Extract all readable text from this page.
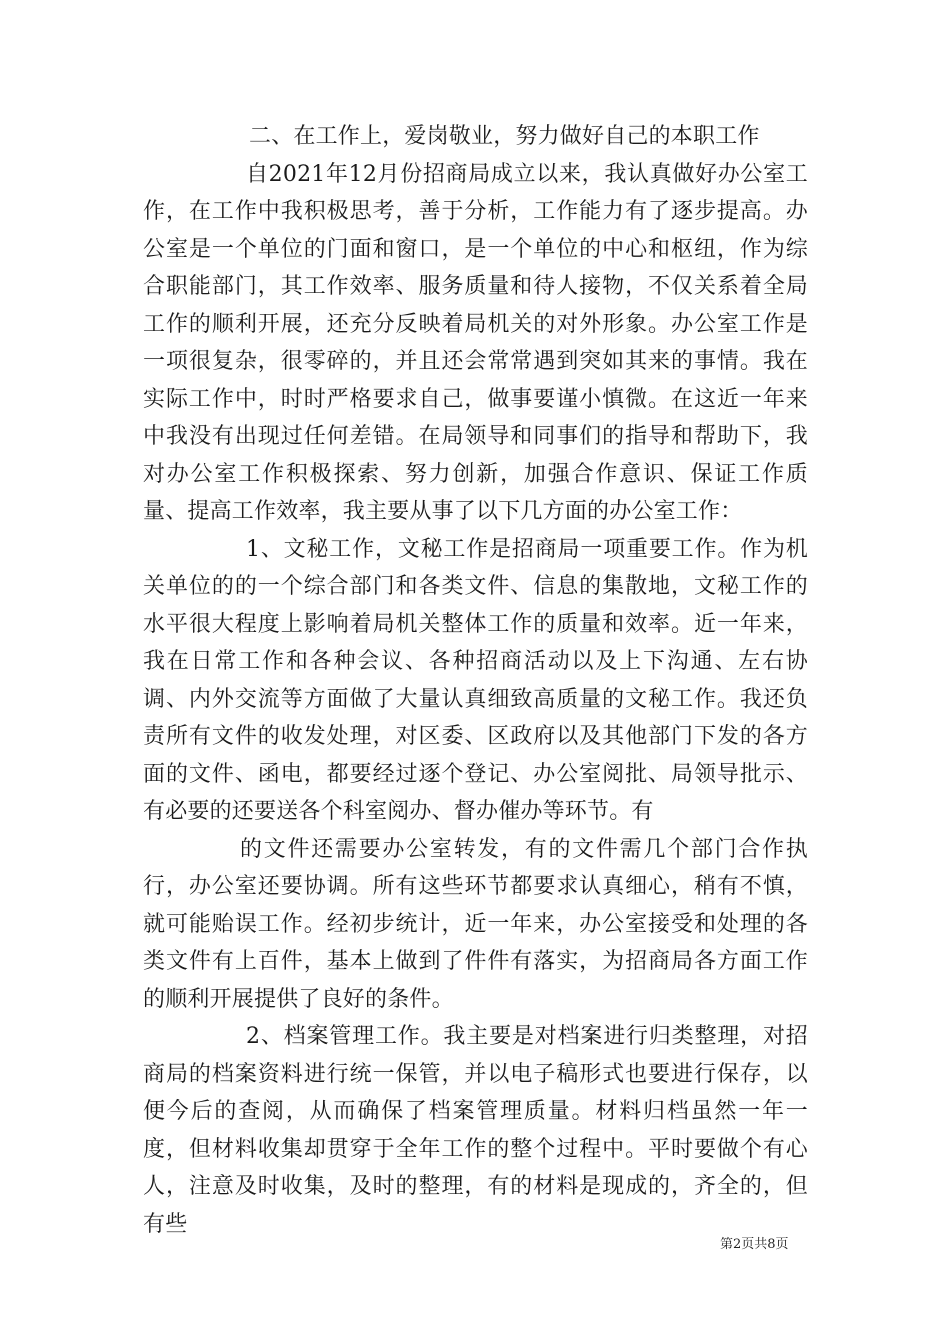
二、在工作上，爱岗敬业，努力做好自己的本职工作

自2021年12月份招商局成立以来，我认真做好办公室工作，在工作中我积极思考，善于分析，工作能力有了逐步提高。办公室是一个单位的门面和窗口，是一个单位的中心和枢纽，作为综合职能部门，其工作效率、服务质量和待人接物，不仅关系着全局工作的顺利开展，还充分反映着局机关的对外形象。办公室工作是一项很复杂，很零碎的，并且还会常常遇到突如其来的事情。我在实际工作中，时时严格要求自己，做事要谨小慎微。在这近一年来中我没有出现过任何差错。在局领导和同事们的指导和帮助下，我对办公室工作积极探索、努力创新，加强合作意识、保证工作质量、提高工作效率，我主要从事了以下几方面的办公室工作：

1、文秘工作，文秘工作是招商局一项重要工作。作为机关单位的的一个综合部门和各类文件、信息的集散地，文秘工作的水平很大程度上影响着局机关整体工作的质量和效率。近一年来，我在日常工作和各种会议、各种招商活动以及上下沟通、左右协调、内外交流等方面做了大量认真细致高质量的文秘工作。我还负责所有文件的收发处理，对区委、区政府以及其他部门下发的各方面的文件、函电，都要经过逐个登记、办公室阅批、局领导批示、有必要的还要送各个科室阅办、督办催办等环节。有

的文件还需要办公室转发，有的文件需几个部门合作执行，办公室还要协调。所有这些环节都要求认真细心，稍有不慎，就可能贻误工作。经初步统计，近一年来，办公室接受和处理的各类文件有上百件，基本上做到了件件有落实，为招商局各方面工作的顺利开展提供了良好的条件。

2、档案管理工作。我主要是对档案进行归类整理，对招商局的档案资料进行统一保管，并以电子稿形式也要进行保存，以便今后的查阅，从而确保了档案管理质量。材料归档虽然一年一度，但材料收集却贯穿于全年工作的整个过程中。平时要做个有心人，注意及时收集，及时的整理，有的材料是现成的，齐全的，但有些

第2页共8页
